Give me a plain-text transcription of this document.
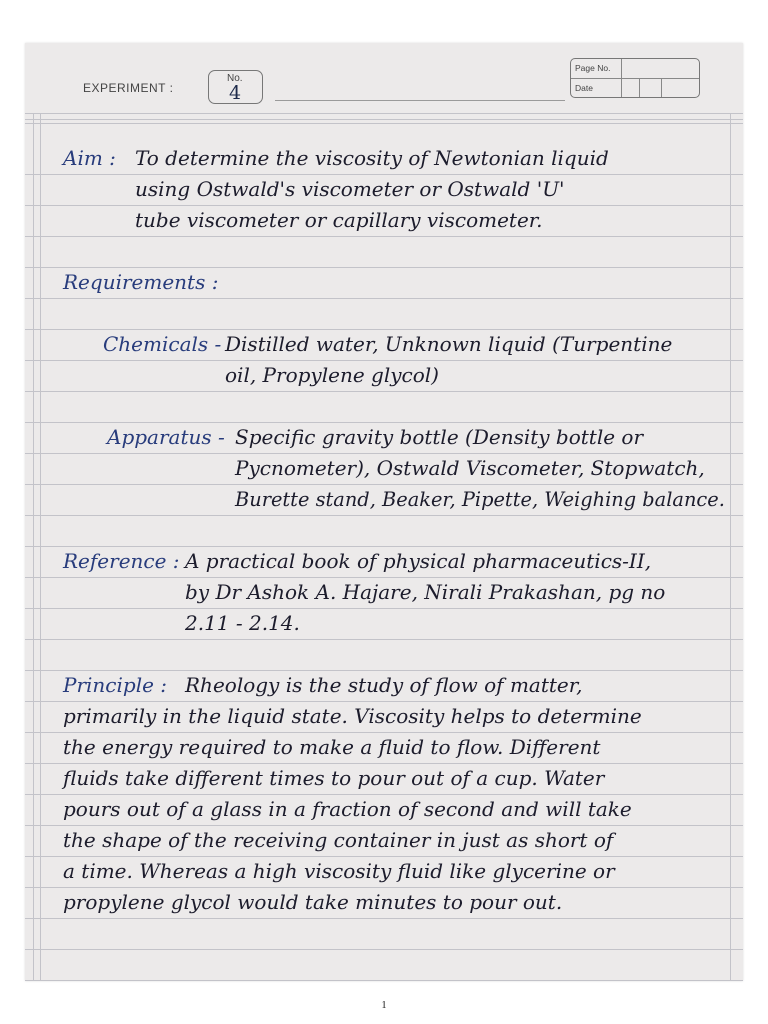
EXPERIMENT :
No.
4
Page No.
Date

Aim : To determine the viscosity of Newtonian liquid

using Ostwald's viscometer or Ostwald 'U'

tube viscometer or capillary viscometer.

Requirements :

Chemicals - Distilled water, Unknown liquid (Turpentine

oil, Propylene glycol)

Apparatus - Specific gravity bottle (Density bottle or

Pycnometer), Ostwald Viscometer, Stopwatch,

Burette stand, Beaker, Pipette, Weighing balance.

Reference : A practical book of physical pharmaceutics-II,

by Dr Ashok A. Hajare, Nirali Prakashan, pg no

2.11 - 2.14.

Principle : Rheology is the study of flow of matter,

primarily in the liquid state. Viscosity helps to determine

the energy required to make a fluid to flow. Different

fluids take different times to pour out of a cup. Water

pours out of a glass in a fraction of second and will take

the shape of the receiving container in just as short of

a time. Whereas a high viscosity fluid like glycerine or

propylene glycol would take minutes to pour out.

1
